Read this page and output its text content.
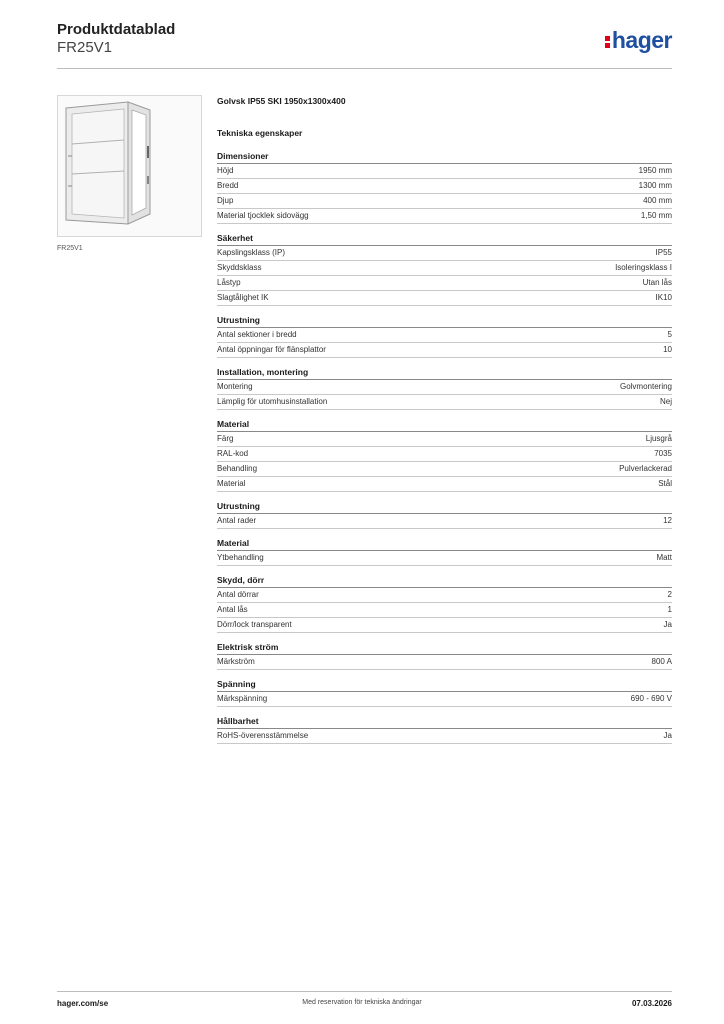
Produktdatablad
FR25V1	hager
FR25V1
Golvsk IP55 SKI 1950x1300x400
Tekniska egenskaper
Dimensioner
Höjd	1950 mm
Bredd	1300 mm
Djup	400 mm
Material tjocklek sidovägg	1,50 mm
Säkerhet
Kapslingsklass (IP)	IP55
Skyddsklass	Isoleringsklass I
Låstyp	Utan lås
Slagtålighet IK	IK10
Utrustning
Antal sektioner i bredd	5
Antal öppningar för flänsplattor	10
Installation, montering
Montering	Golvmontering
Lämplig för utomhusinstallation	Nej
Material
Färg	Ljusgrå
RAL-kod	7035
Behandling	Pulverlackerad
Material	Stål
Utrustning
Antal rader	12
Material
Ytbehandling	Matt
Skydd, dörr
Antal dörrar	2
Antal lås	1
Dörr/lock transparent	Ja
Elektrisk ström
Märkström	800 A
Spänning
Märkspänning	690 - 690 V
Hållbarhet
RoHS-överensstämmelse	Ja
hager.com/se	Med reservation för tekniska ändringar	07.03.2026
